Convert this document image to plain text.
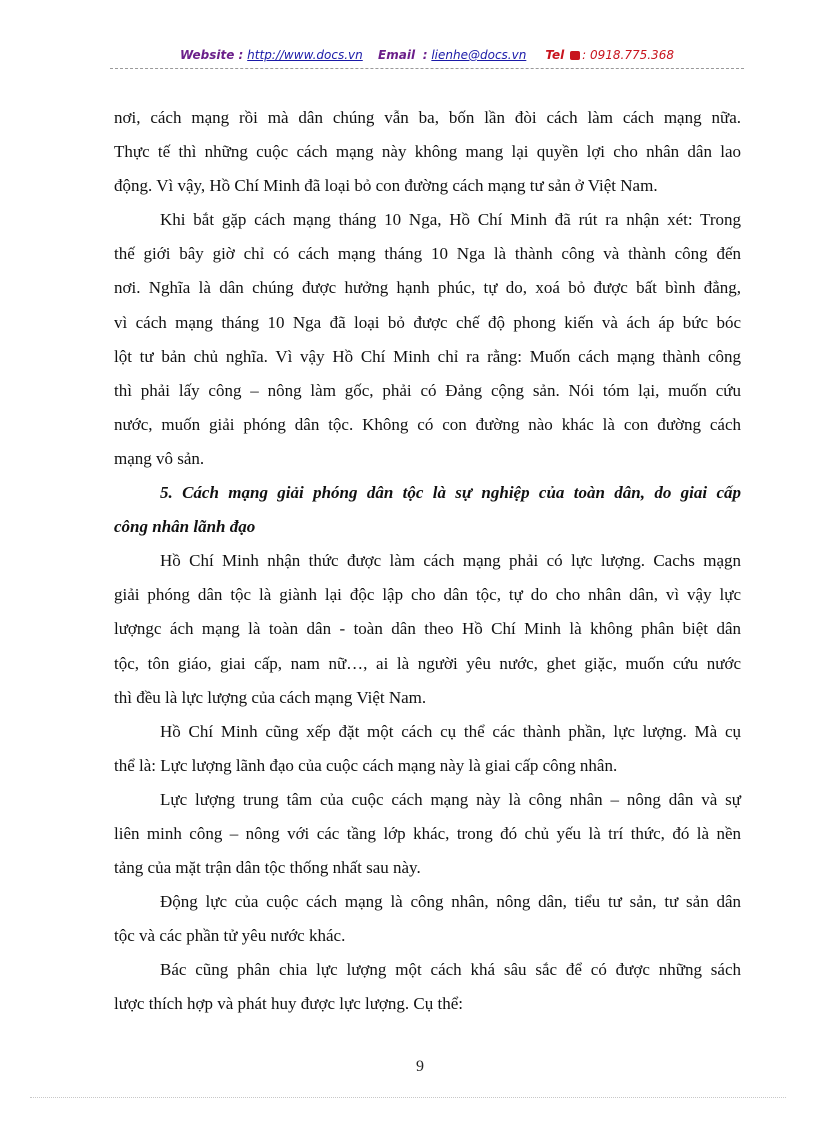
Website : http://www.docs.vn Email : lienhe@docs.vn Tel : 0918.775.368
nơi, cách mạng rồi mà dân chúng vẫn ba, bốn lần đòi cách làm cách mạng nữa.
Thực tế thì những cuộc cách mạng này không mang lại quyền lợi cho nhân dân lao
động. Vì vậy, Hồ Chí Minh đã loại bỏ con đường cách mạng tư sản ở Việt Nam.
Khi bắt gặp cách mạng tháng 10 Nga, Hồ Chí Minh đã rút ra nhận xét: Trong
thế giới bây giờ chỉ có cách mạng tháng 10 Nga là thành công và thành công đến
nơi. Nghĩa là dân chúng được hưởng hạnh phúc, tự do, xoá bỏ được bất bình đẳng,
vì cách mạng tháng 10 Nga đã loại bỏ được chế độ phong kiến và ách áp bức bóc
lột tư bản chủ nghĩa. Vì vậy Hồ Chí Minh chỉ ra rằng: Muốn cách mạng thành công
thì phải lấy công – nông làm gốc, phải có Đảng cộng sản. Nói tóm lại, muốn cứu
nước, muốn giải phóng dân tộc. Không có con đường nào khác là con đường cách
mạng vô sản.
5. Cách mạng giải phóng dân tộc là sự nghiệp của toàn dân, do giai cấp
công nhân lãnh đạo
Hồ Chí Minh nhận thức được làm cách mạng phải có lực lượng. Cachs mạgn
giải phóng dân tộc là giành lại độc lập cho dân tộc, tự do cho nhân dân, vì vậy lực
lượngc ách mạng là toàn dân - toàn dân theo Hồ Chí Minh là không phân biệt dân
tộc, tôn giáo, giai cấp, nam nữ…, ai là người yêu nước, ghet giặc, muốn cứu nước
thì đều là lực lượng của cách mạng Việt Nam.
Hồ Chí Minh cũng xếp đặt một cách cụ thể các thành phần, lực lượng. Mà cụ
thể là: Lực lượng lãnh đạo của cuộc cách mạng này là giai cấp công nhân.
Lực lượng trung tâm của cuộc cách mạng này là công nhân – nông dân và sự
liên minh công – nông với các tầng lớp khác, trong đó chủ yếu là trí thức, đó là nền
tảng của mặt trận dân tộc thống nhất sau này.
Động lực của cuộc cách mạng là công nhân, nông dân, tiểu tư sản, tư sản dân
tộc và các phần tử yêu nước khác.
Bác cũng phân chia lực lượng một cách khá sâu sắc để có được những sách
lược thích hợp và phát huy được lực lượng. Cụ thể:
9
